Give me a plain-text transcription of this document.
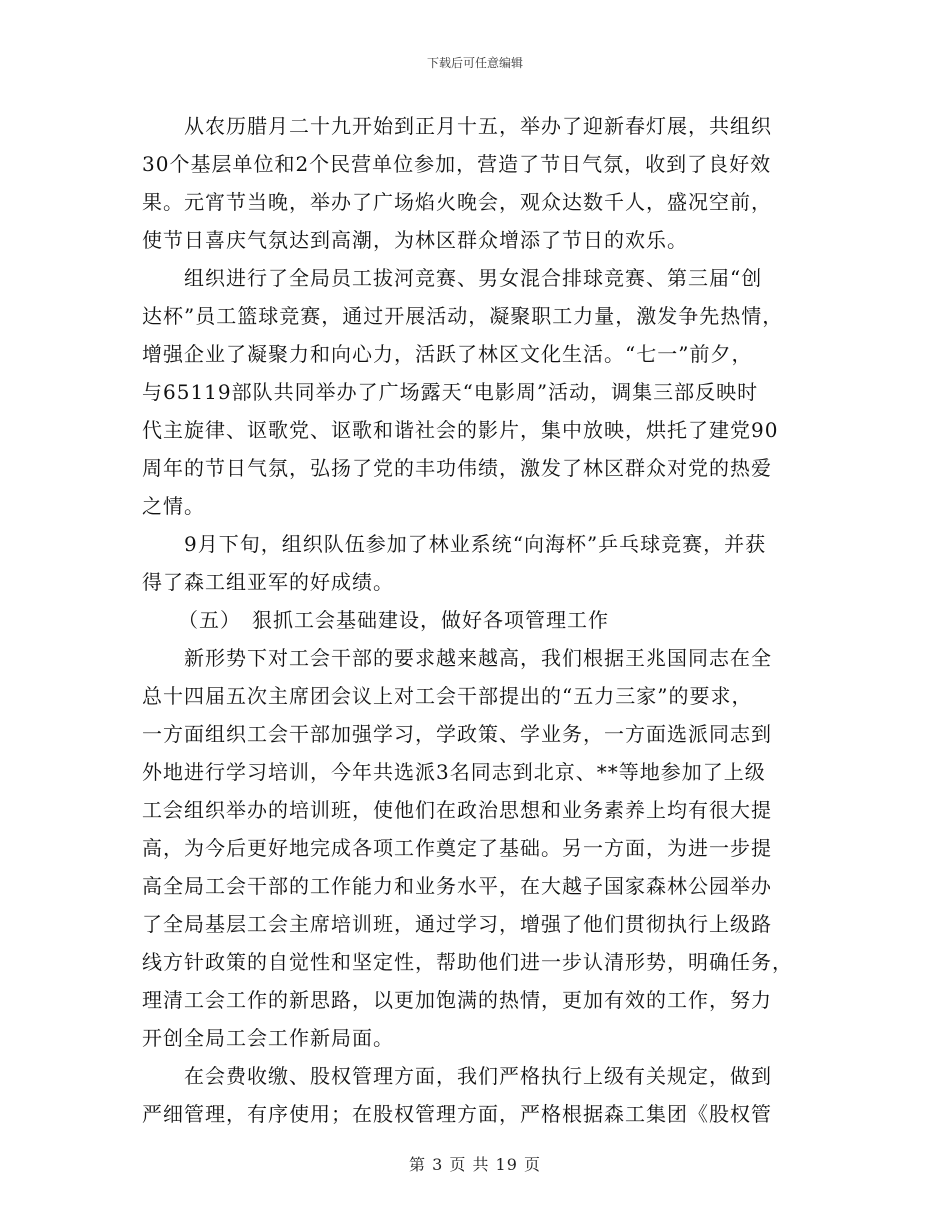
下载后可任意编辑
从农历腊月二十九开始到正月十五，举办了迎新春灯展，共组织
30个基层单位和2个民营单位参加，营造了节日气氛，收到了良好效
果。元宵节当晚，举办了广场焰火晚会，观众达数千人，盛况空前，
使节日喜庆气氛达到高潮，为林区群众增添了节日的欢乐。
组织进行了全局员工拔河竞赛、男女混合排球竞赛、第三届“创
达杯”员工篮球竞赛，通过开展活动，凝聚职工力量，激发争先热情，
增强企业了凝聚力和向心力，活跃了林区文化生活。“七一”前夕，
与65119部队共同举办了广场露天“电影周”活动，调集三部反映时
代主旋律、讴歌党、讴歌和谐社会的影片，集中放映，烘托了建党90
周年的节日气氛，弘扬了党的丰功伟绩，激发了林区群众对党的热爱
之情。
9月下旬，组织队伍参加了林业系统“向海杯”乒乓球竞赛，并获
得了森工组亚军的好成绩。
（五）　狠抓工会基础建设，做好各项管理工作
新形势下对工会干部的要求越来越高，我们根据王兆国同志在全
总十四届五次主席团会议上对工会干部提出的“五力三家”的要求，
一方面组织工会干部加强学习，学政策、学业务，一方面选派同志到
外地进行学习培训，今年共选派3名同志到北京、**等地参加了上级
工会组织举办的培训班，使他们在政治思想和业务素养上均有很大提
高，为今后更好地完成各项工作奠定了基础。另一方面，为进一步提
高全局工会干部的工作能力和业务水平，在大越子国家森林公园举办
了全局基层工会主席培训班，通过学习，增强了他们贯彻执行上级路
线方针政策的自觉性和坚定性，帮助他们进一步认清形势，明确任务，
理清工会工作的新思路，以更加饱满的热情，更加有效的工作，努力
开创全局工会工作新局面。
在会费收缴、股权管理方面，我们严格执行上级有关规定，做到
严细管理，有序使用；在股权管理方面，严格根据森工集团《股权管
第 3 页 共 19 页
